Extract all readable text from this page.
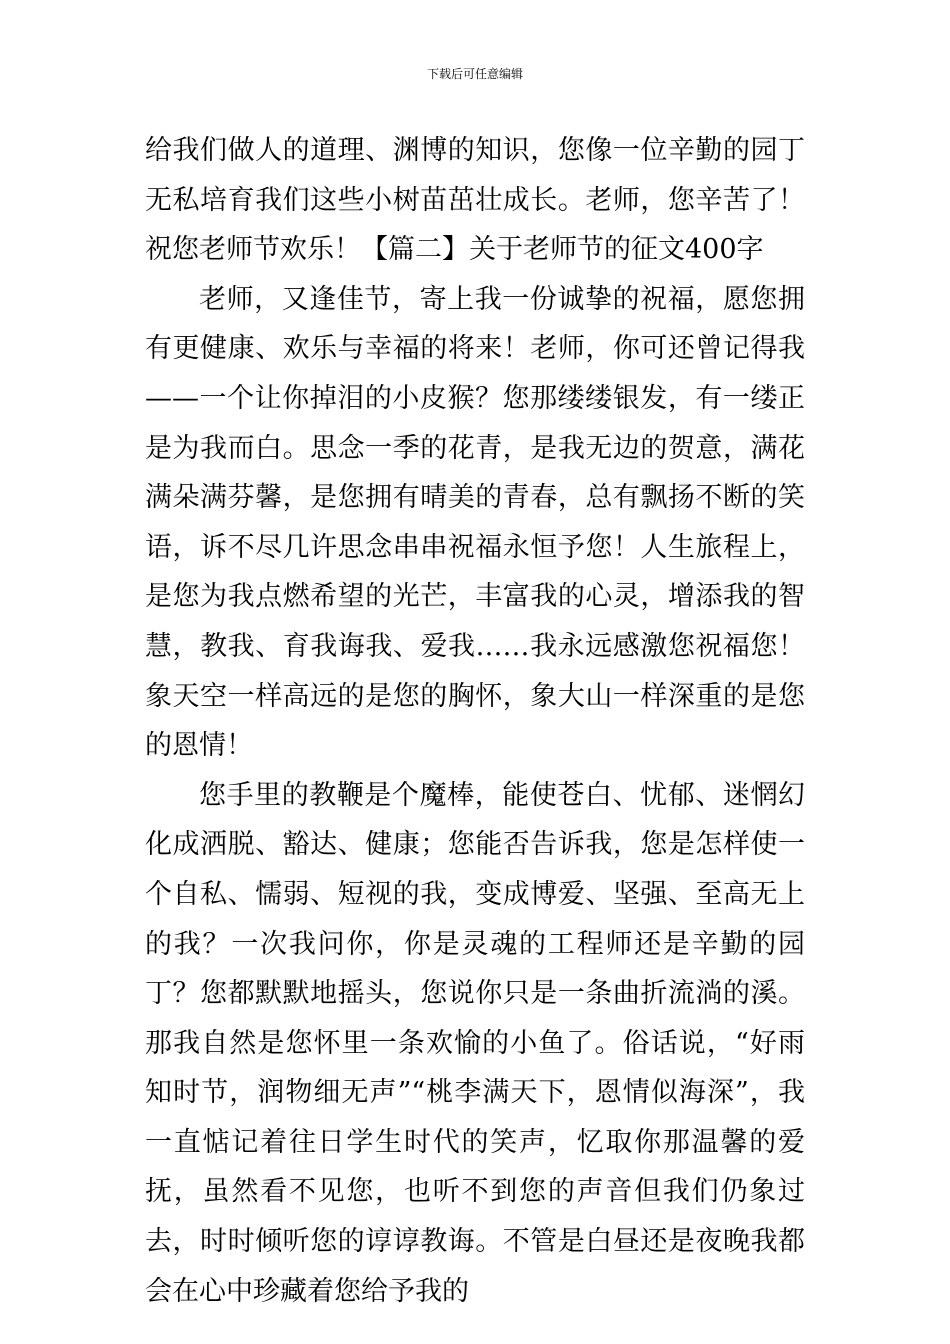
下载后可任意编辑

给我们做人的道理、渊博的知识，您像一位辛勤的园丁无私培育我们这些小树苗茁壮成长。老师，您辛苦了！祝您老师节欢乐！【篇二】关于老师节的征文400字

老师，又逢佳节，寄上我一份诚挚的祝福，愿您拥有更健康、欢乐与幸福的将来！老师，你可还曾记得我——一个让你掉泪的小皮猴？您那缕缕银发，有一缕正是为我而白。思念一季的花青，是我无边的贺意，满花满朵满芬馨，是您拥有晴美的青春，总有飘扬不断的笑语，诉不尽几许思念串串祝福永恒予您！人生旅程上，是您为我点燃希望的光芒，丰富我的心灵，增添我的智慧，教我、育我诲我、爱我……我永远感激您祝福您！象天空一样高远的是您的胸怀，象大山一样深重的是您的恩情！

您手里的教鞭是个魔棒，能使苍白、忧郁、迷惘幻化成洒脱、豁达、健康；您能否告诉我，您是怎样使一个自私、懦弱、短视的我，变成博爱、坚强、至高无上的我？一次我问你，你是灵魂的工程师还是辛勤的园丁？您都默默地摇头，您说你只是一条曲折流淌的溪。那我自然是您怀里一条欢愉的小鱼了。俗话说，“好雨知时节，润物细无声”“桃李满天下，恩情似海深”，我一直惦记着往日学生时代的笑声，忆取你那温馨的爱抚，虽然看不见您，也听不到您的声音但我们仍象过去，时时倾听您的谆谆教诲。不管是白昼还是夜晚我都会在心中珍藏着您给予我的
